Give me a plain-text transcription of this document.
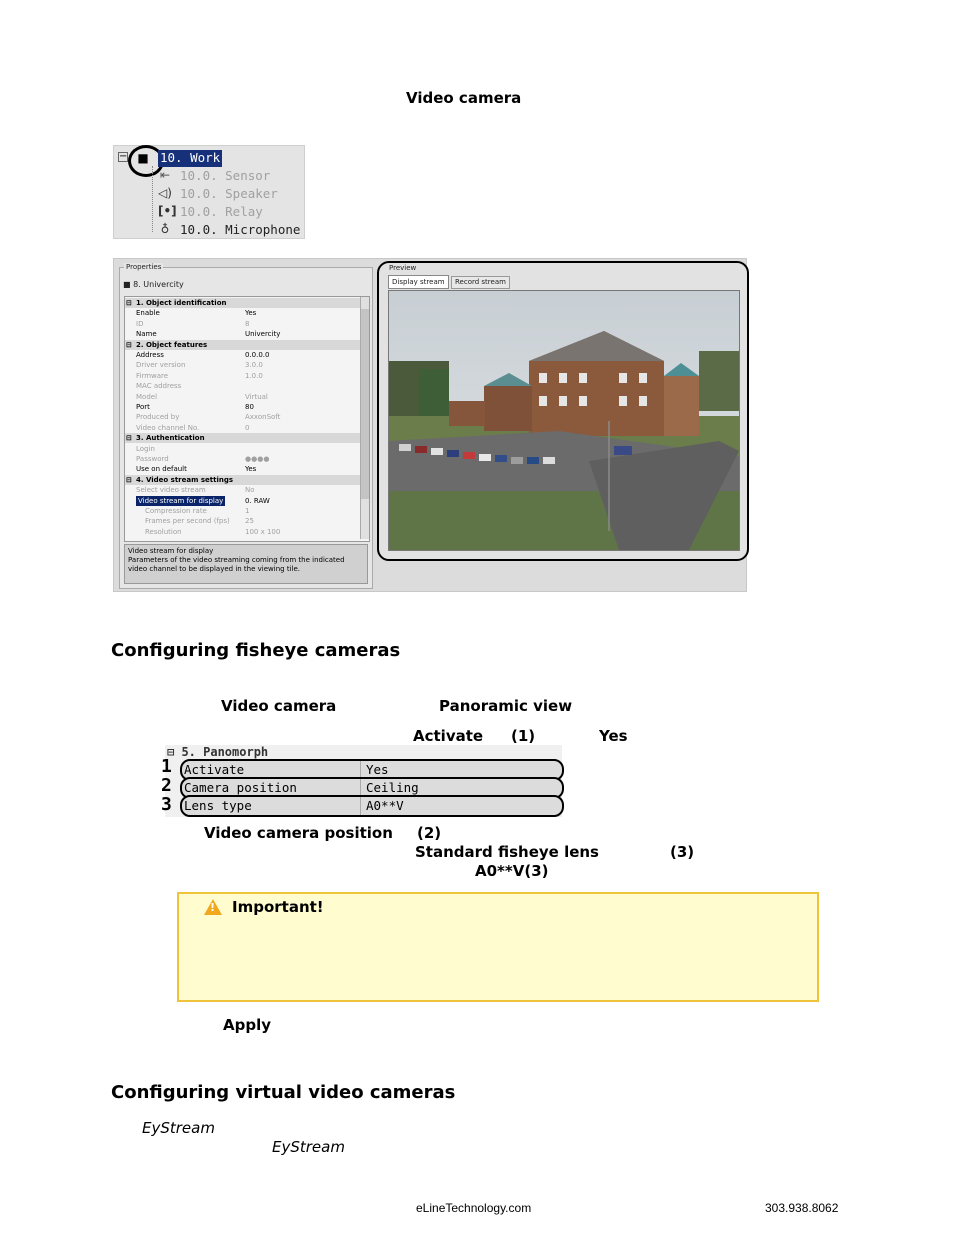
Video camera
− ■ 10. Work
⇤ 10.0. Sensor
◁) 10.0. Speaker
[•] 10.0. Relay
♁ 10.0. Microphone
Properties
■ 8. Univercity
1. Object identification
⊟
Enable	Yes
ID	8
Name	Univercity
2. Object features
⊟
Address	0.0.0.0
Driver version	3.0.0
Firmware	1.0.0
MAC address
Model	Virtual
Port	80
Produced by	AxxonSoft
Video channel No.	0
3. Authentication
⊟
Login
Password	●●●●
Use on default	Yes
4. Video stream settings
⊟
Select video stream	No
Video stream for display	0. RAW
Compression rate	1
Frames per second (fps) 25
Resolution	100 x 100
Video stream for display
Parameters of the video streaming coming from the indicated video channel to be displayed in the viewing tile.
Preview
Display stream	Record stream
Configuring fisheye cameras
Video camera	Panoramic view
Activate (1)	Yes
⊟ 5. Panomorph
Activate	Yes
Camera position	Ceiling
Lens type	A0**V
1
2
3
Video camera position (2)
Standard fisheye lens	(3)
A0**V(3)
! Important!
Apply
Configuring virtual video cameras
EyStream
EyStream
eLineTechnology.com	303.938.8062
